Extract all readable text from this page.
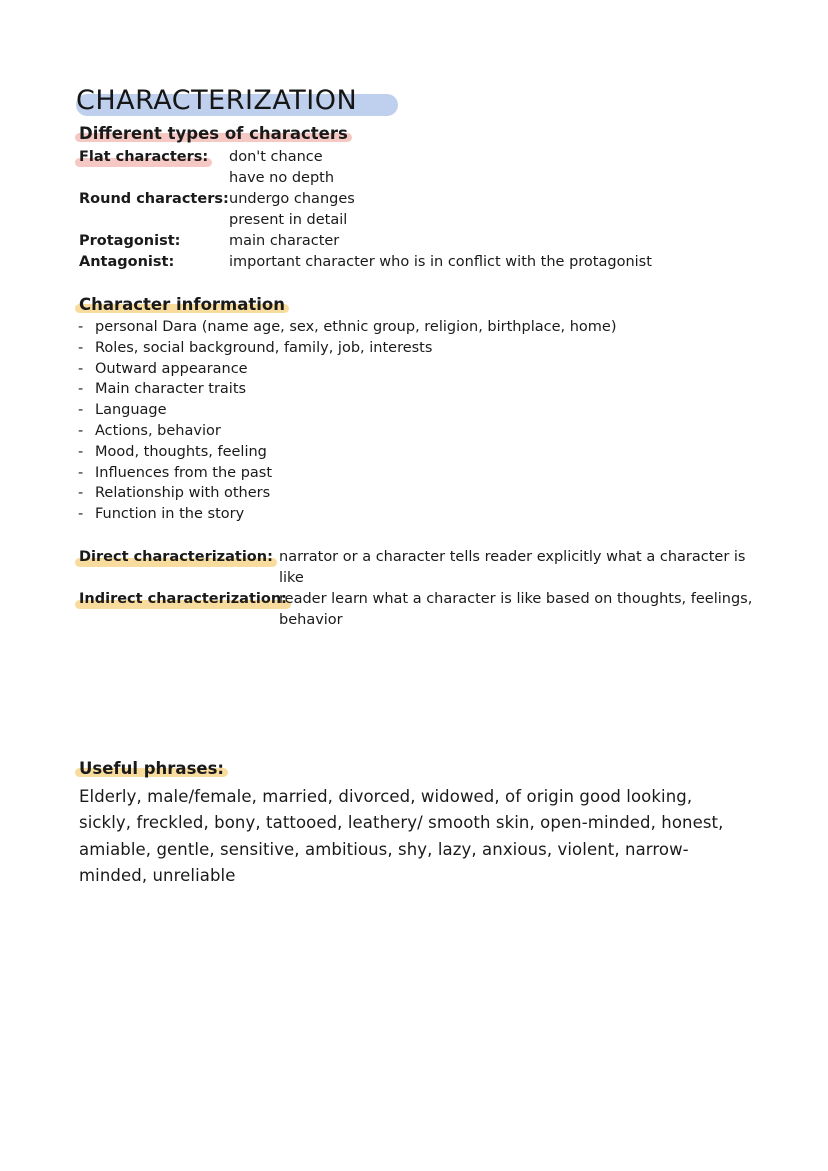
CHARACTERIZATION
Different types of characters
Flat characters: don't chance
have no depth
Round characters: undergo changes
present in detail
Protagonist:	main character
Antagonist:	important character who is in conflict with the protagonist
Character information
- personal Dara (name age, sex, ethnic group, religion, birthplace, home)
- Roles, social background, family, job, interests
- Outward appearance
- Main character traits
- Language
- Actions, behavior
- Mood, thoughts, feeling
- Influences from the past
- Relationship with others
- Function in the story
Direct characterization: narrator or a character tells reader explicitly what a character is
like
Indirect characterization:
reader learn what a character is like based on thoughts, feelings,
behavior
Useful phrases:
Elderly, male/female, married, divorced, widowed, of origin good looking, sickly, freckled, bony, tattooed, leathery/ smooth skin, open-minded, honest, amiable, gentle, sensitive, ambitious, shy, lazy, anxious, violent, narrow-minded, unreliable
